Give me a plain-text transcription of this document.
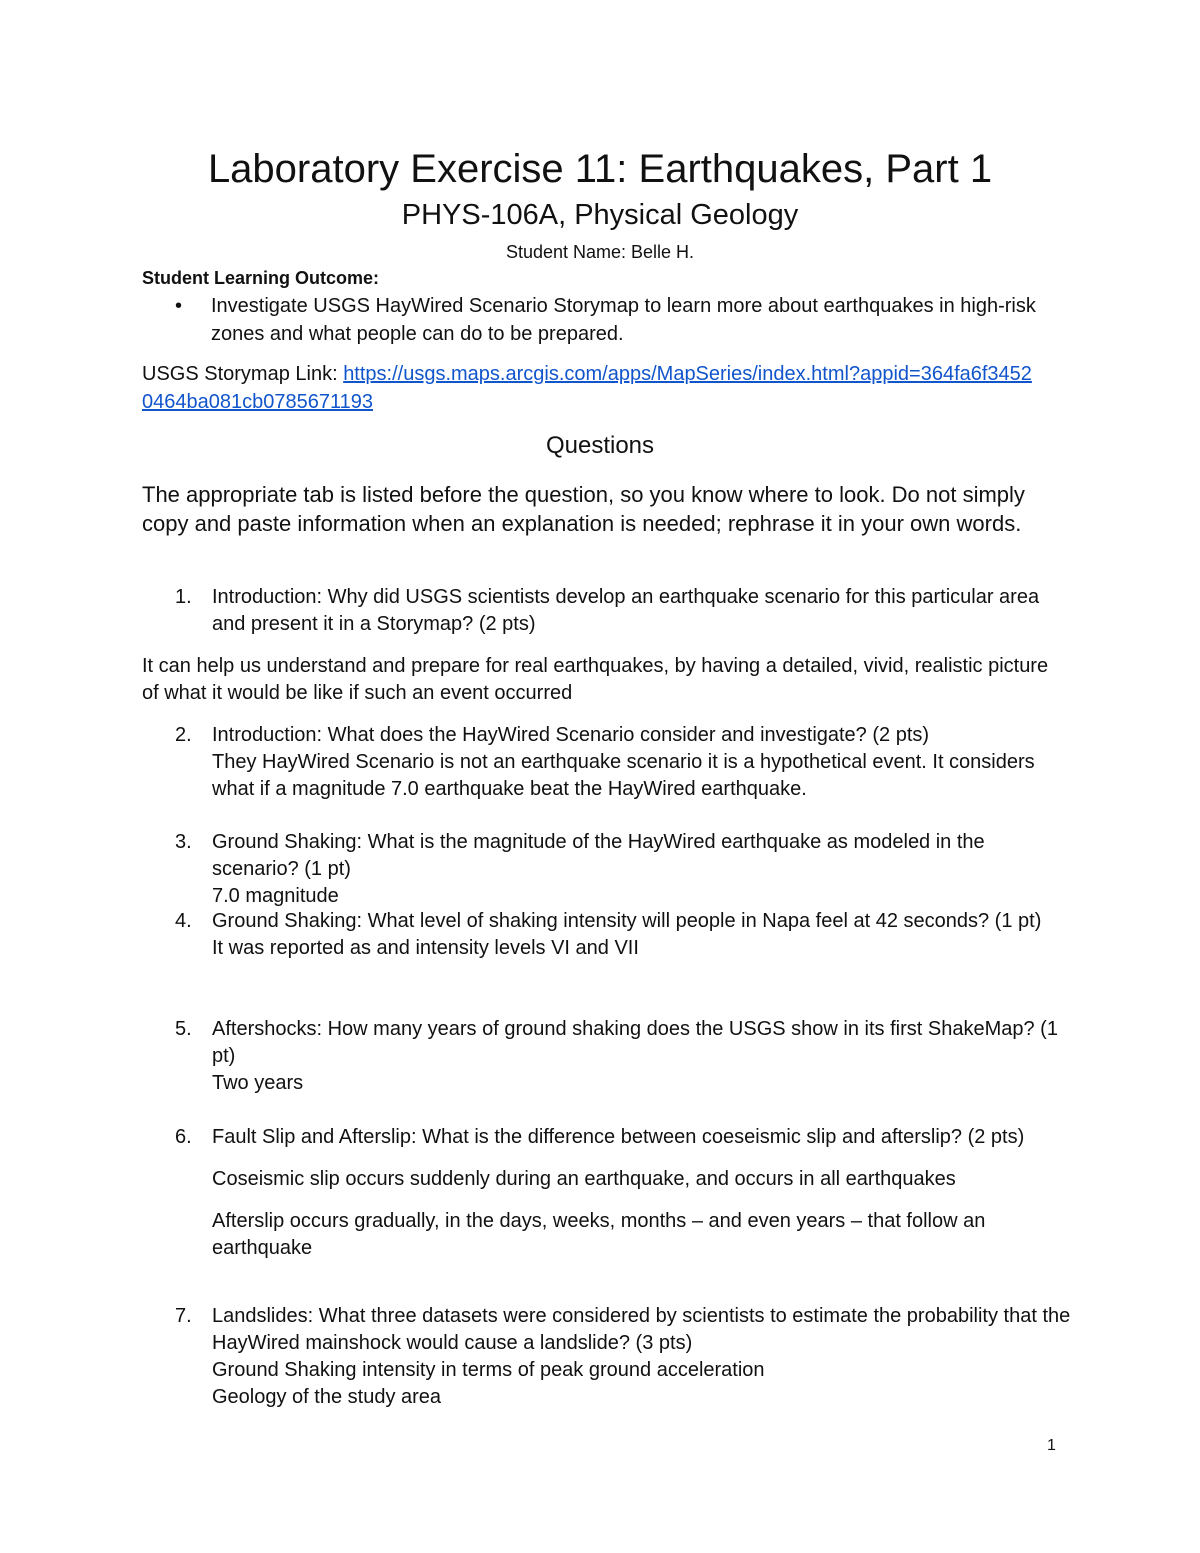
Laboratory Exercise 11: Earthquakes, Part 1
PHYS-106A, Physical Geology
Student Name: Belle H.
Student Learning Outcome:
•	Investigate USGS HayWired Scenario Storymap to learn more about earthquakes in high-risk zones and what people can do to be prepared.
USGS Storymap Link: https://usgs.maps.arcgis.com/apps/MapSeries/index.html?appid=364fa6f34520464ba081cb0785671193
Questions
The appropriate tab is listed before the question, so you know where to look. Do not simply copy and paste information when an explanation is needed; rephrase it in your own words.
1.	Introduction: Why did USGS scientists develop an earthquake scenario for this particular area and present it in a Storymap? (2 pts)
It can help us understand and prepare for real earthquakes, by having a detailed, vivid, realistic picture of what it would be like if such an event occurred
2.	Introduction: What does the HayWired Scenario consider and investigate? (2 pts)
They HayWired Scenario is not an earthquake scenario it is a hypothetical event. It considers what if a magnitude 7.0 earthquake beat the HayWired earthquake.
3.	Ground Shaking: What is the magnitude of the HayWired earthquake as modeled in the scenario? (1 pt)
7.0 magnitude
4.	Ground Shaking: What level of shaking intensity will people in Napa feel at 42 seconds? (1 pt)
It was reported as and intensity levels VI and VII
5.	Aftershocks: How many years of ground shaking does the USGS show in its first ShakeMap? (1 pt)
Two years
6.	Fault Slip and Afterslip: What is the difference between coeseismic slip and afterslip? (2 pts)
Coseismic slip occurs suddenly during an earthquake, and occurs in all earthquakes
Afterslip occurs gradually, in the days, weeks, months – and even years – that follow an earthquake
7.	Landslides: What three datasets were considered by scientists to estimate the probability that the HayWired mainshock would cause a landslide? (3 pts)
Ground Shaking intensity in terms of peak ground acceleration
Geology of the study area
1
